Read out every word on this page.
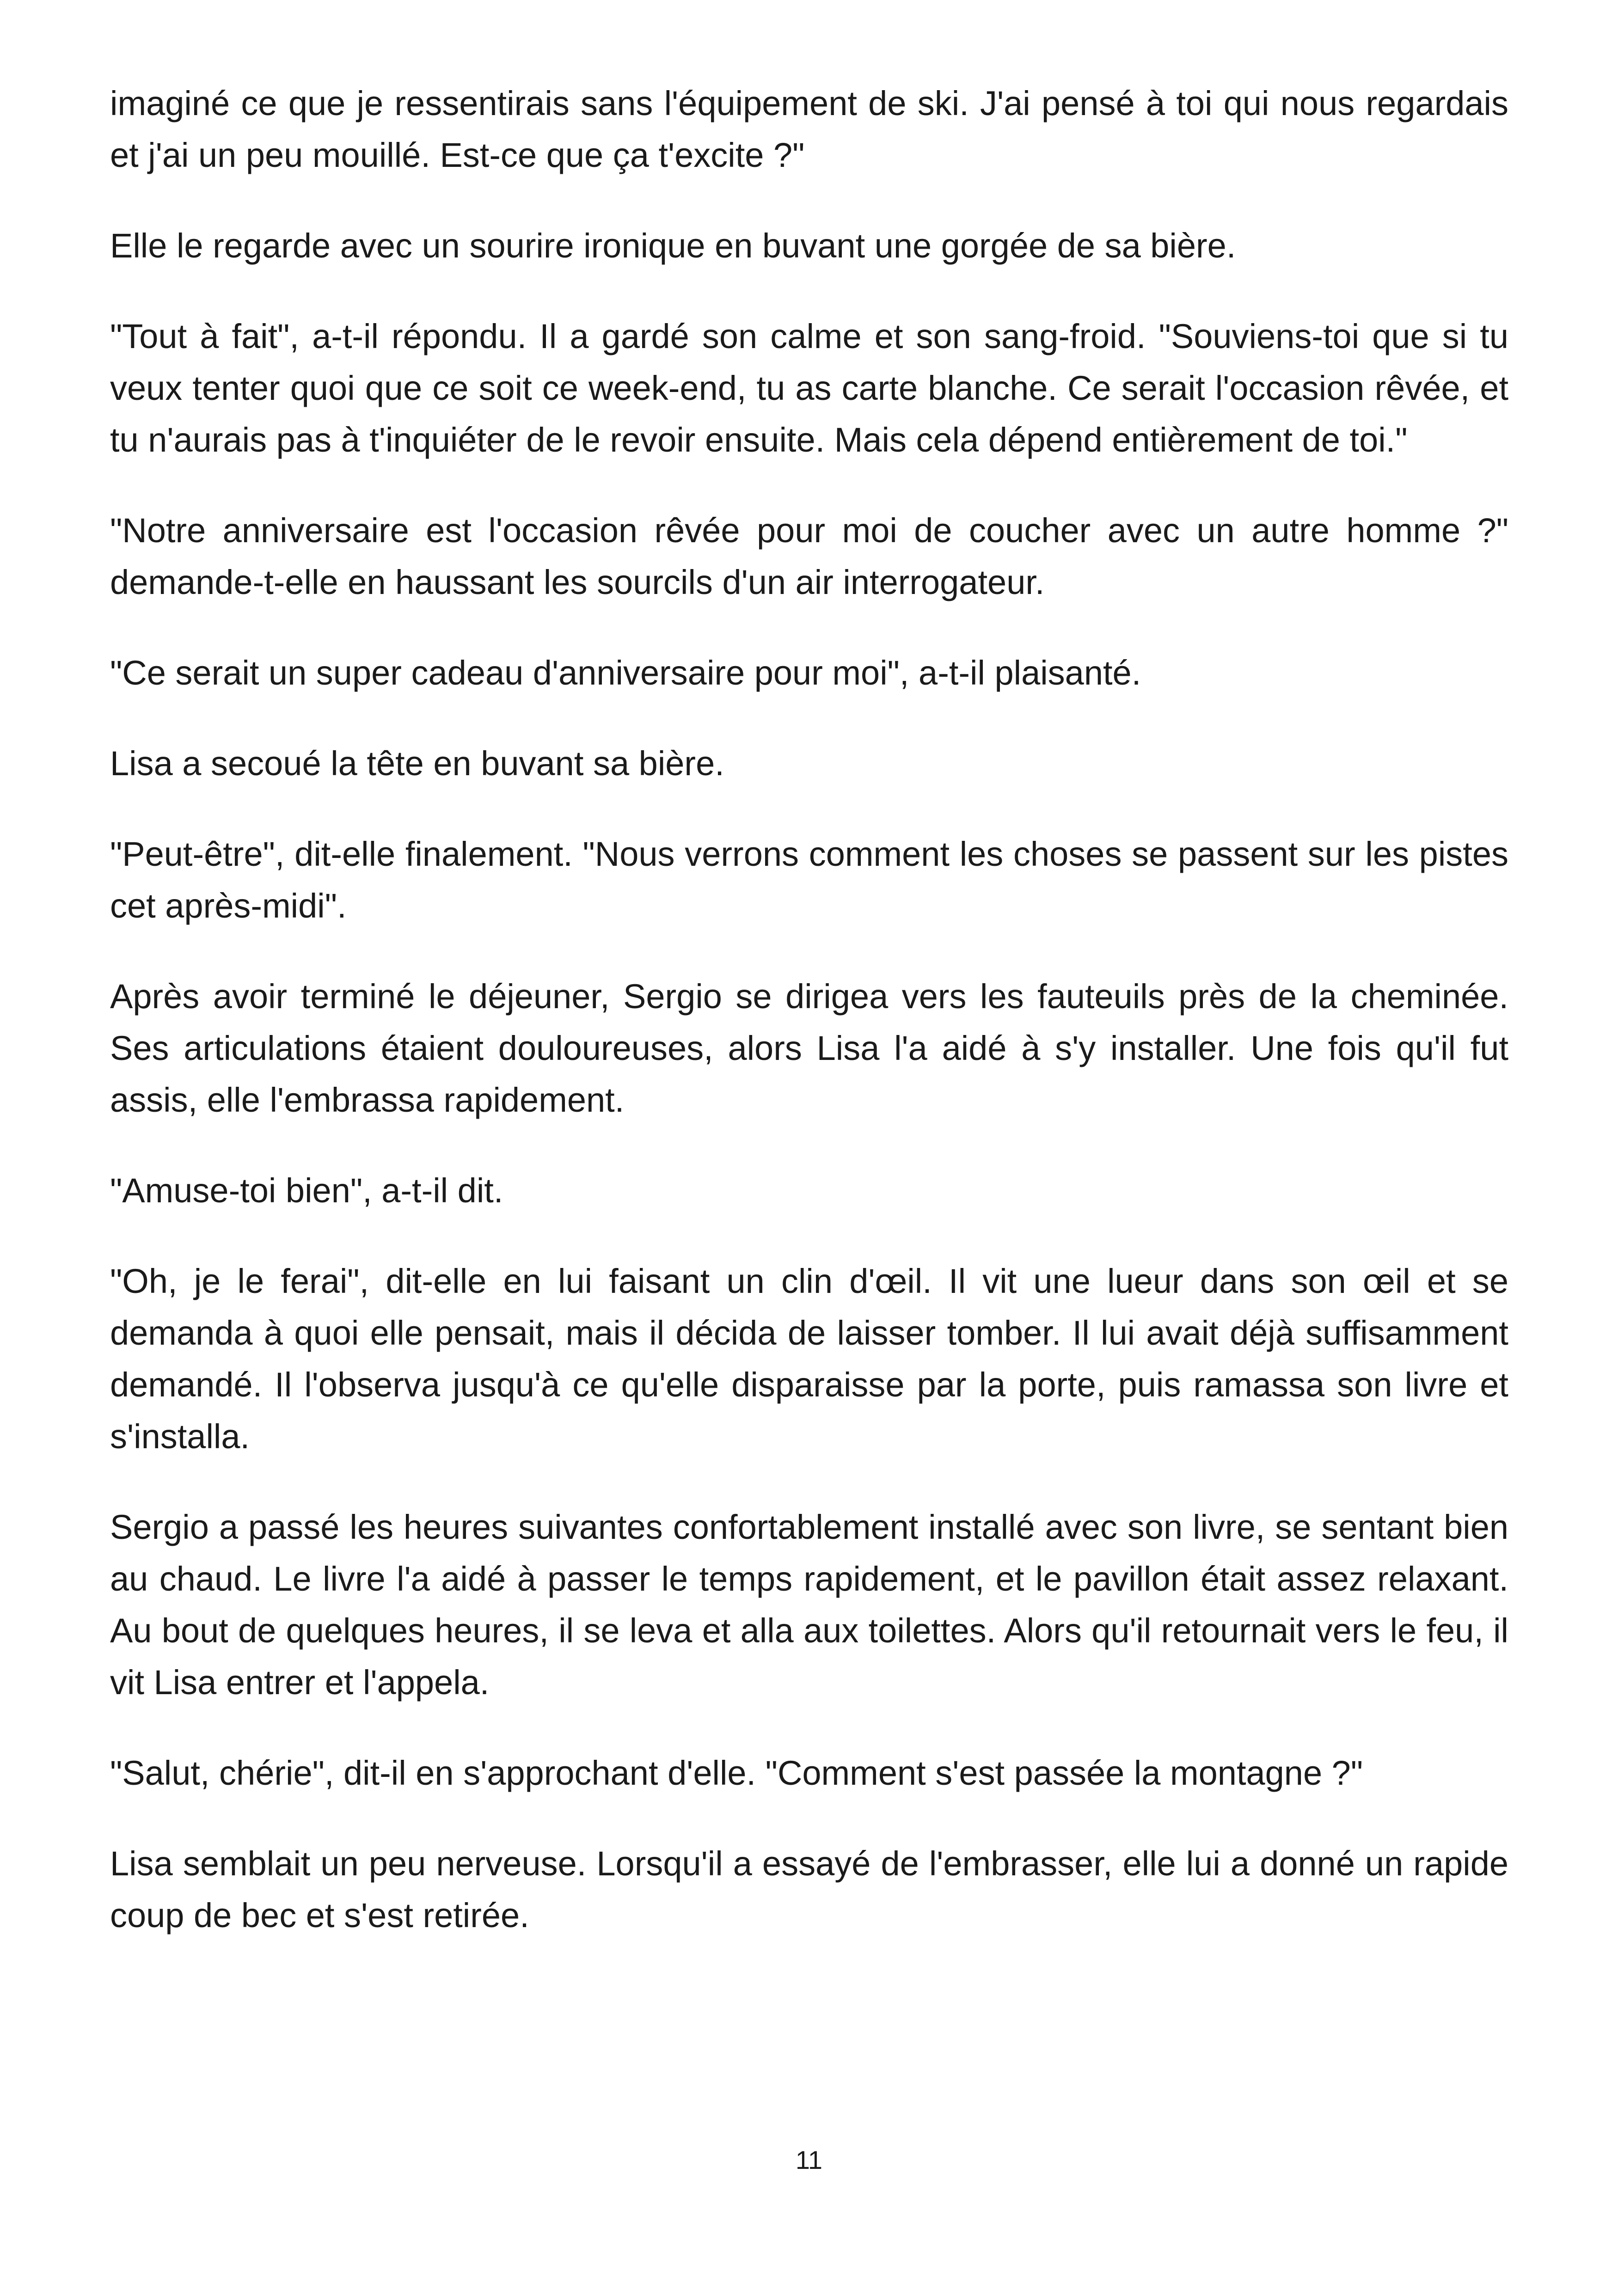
imaginé ce que je ressentirais sans l'équipement de ski. J'ai pensé à toi qui nous regardais et j'ai un peu mouillé. Est-ce que ça t'excite ?"

Elle le regarde avec un sourire ironique en buvant une gorgée de sa bière.

"Tout à fait", a-t-il répondu. Il a gardé son calme et son sang-froid. "Souviens-toi que si tu veux tenter quoi que ce soit ce week-end, tu as carte blanche. Ce serait l'occasion rêvée, et tu n'aurais pas à t'inquiéter de le revoir ensuite. Mais cela dépend entièrement de toi."

"Notre anniversaire est l'occasion rêvée pour moi de coucher avec un autre homme ?" demande-t-elle en haussant les sourcils d'un air interrogateur.

"Ce serait un super cadeau d'anniversaire pour moi", a-t-il plaisanté.

Lisa a secoué la tête en buvant sa bière.

"Peut-être", dit-elle finalement. "Nous verrons comment les choses se passent sur les pistes cet après-midi".

Après avoir terminé le déjeuner, Sergio se dirigea vers les fauteuils près de la cheminée. Ses articulations étaient douloureuses, alors Lisa l'a aidé à s'y installer. Une fois qu'il fut assis, elle l'embrassa rapidement.

"Amuse-toi bien", a-t-il dit.

"Oh, je le ferai", dit-elle en lui faisant un clin d'œil. Il vit une lueur dans son œil et se demanda à quoi elle pensait, mais il décida de laisser tomber. Il lui avait déjà suffisamment demandé. Il l'observa jusqu'à ce qu'elle disparaisse par la porte, puis ramassa son livre et s'installa.

Sergio a passé les heures suivantes confortablement installé avec son livre, se sentant bien au chaud. Le livre l'a aidé à passer le temps rapidement, et le pavillon était assez relaxant. Au bout de quelques heures, il se leva et alla aux toilettes. Alors qu'il retournait vers le feu, il vit Lisa entrer et l'appela.

"Salut, chérie", dit-il en s'approchant d'elle. "Comment s'est passée la montagne ?"

Lisa semblait un peu nerveuse. Lorsqu'il a essayé de l'embrasser, elle lui a donné un rapide coup de bec et s'est retirée.

11
